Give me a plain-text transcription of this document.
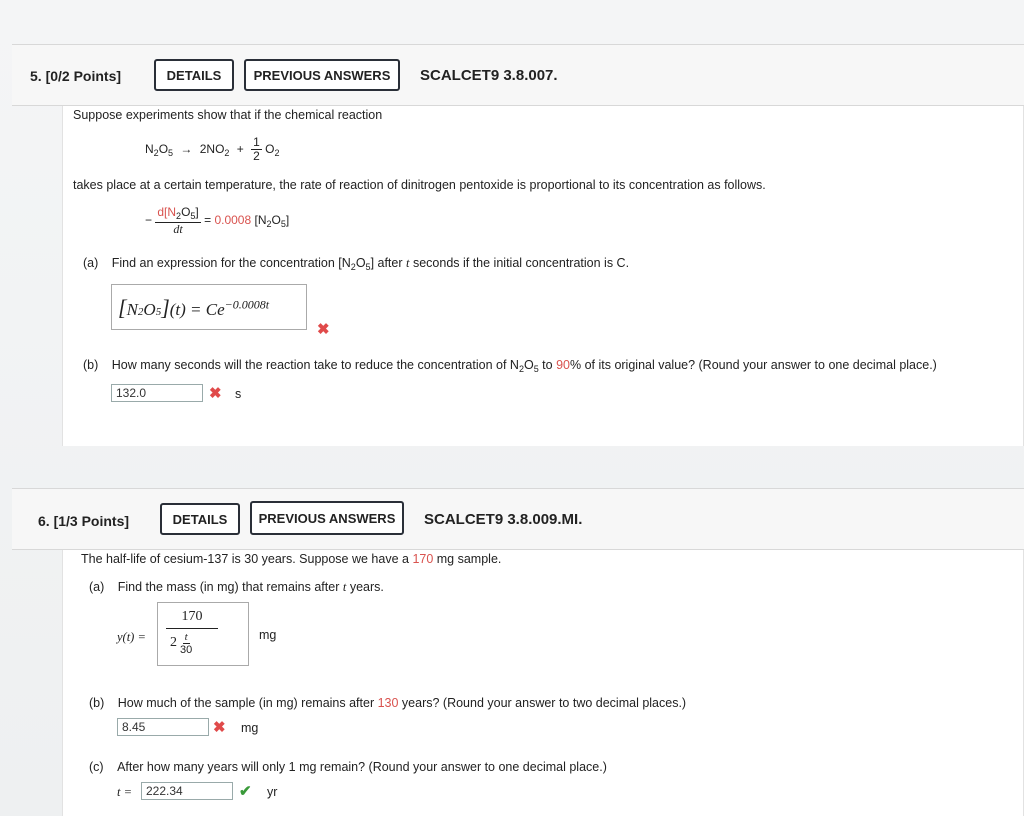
5. [0/2 Points]	DETAILS	PREVIOUS ANSWERS	SCALCET9 3.8.007.
Suppose experiments show that if the chemical reaction
$N_2O_5 \to 2NO_2 + \frac{1}{2} O_2$
takes place at a certain temperature, the rate of reaction of dinitrogen pentoxide is proportional to its concentration as follows.
− $\frac{d[N_2O_5]}{dt} = 0.0008$ $[N_2O_5]$
(a) Find an expression for the concentration $[N_2O_5]$ after t seconds if the initial concentration is C.
$[N2O5](t) = Ce^{-0.0008t}$
✖
(b) How many seconds will the reaction take to reduce the concentration of $N_2O_5$ to 90% of its original value? (Round your answer to one decimal place.)
132.0	✖ s
6. [1/3 Points]	DETAILS	PREVIOUS ANSWERS	SCALCET9 3.8.009.MI.
The half-life of cesium-137 is 30 years. Suppose we have a 170 mg sample.
(a) Find the mass (in mg) that remains after t years.
y(t) =
170
$2 \frac{t}{30}$	mg
(b) How much of the sample (in mg) remains after 130 years? (Round your answer to two decimal places.)
8.45	✖ mg
(c) After how many years will only 1 mg remain? (Round your answer to one decimal place.)
t =	222.34	✔ yr
